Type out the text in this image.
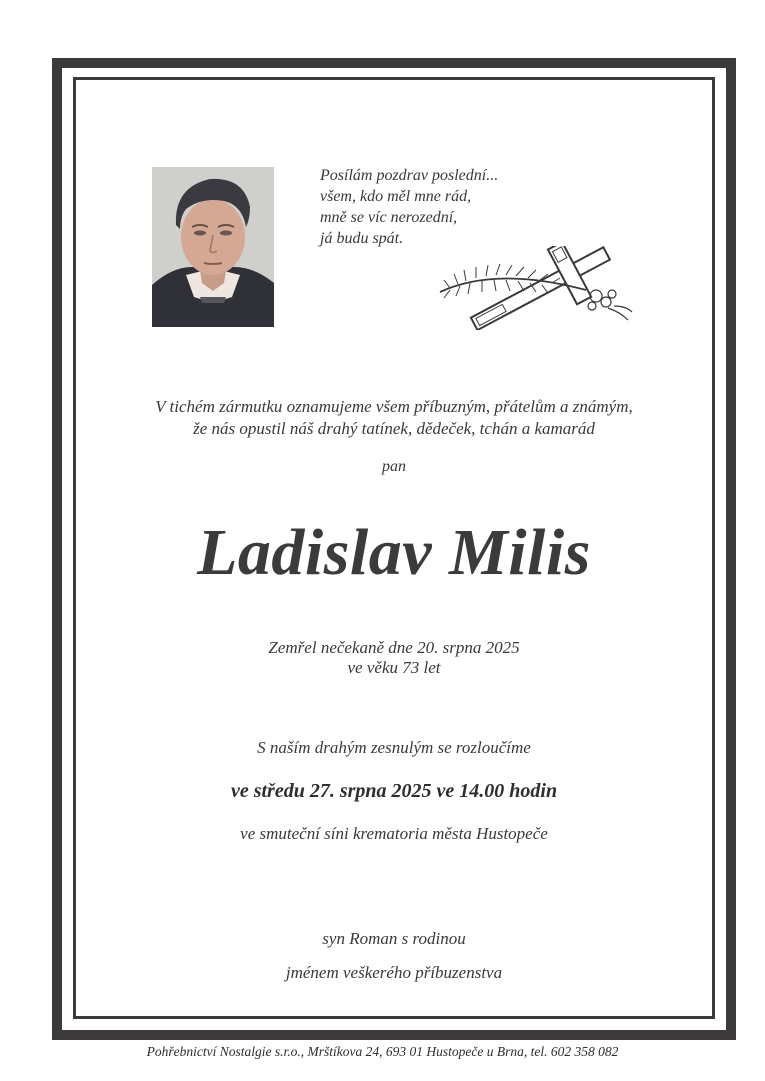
Posílám pozdrav poslední...
všem, kdo měl mne rád,
mně se víc nerozední,
já budu spát.
V tichém zármutku oznamujeme všem příbuzným, přátelům a známým,
že nás opustil náš drahý tatínek, dědeček, tchán a kamarád
pan
Ladislav Milis
Zemřel nečekaně dne 20. srpna 2025
ve věku 73 let
S naším drahým zesnulým se rozloučíme
ve středu 27. srpna 2025 ve 14.00 hodin
ve smuteční síni krematoria města Hustopeče
syn Roman s rodinou
jménem veškerého příbuzenstva
Pohřebnictví Nostalgie s.r.o., Mrštíkova 24, 693 01 Hustopeče u Brna, tel. 602 358 082
